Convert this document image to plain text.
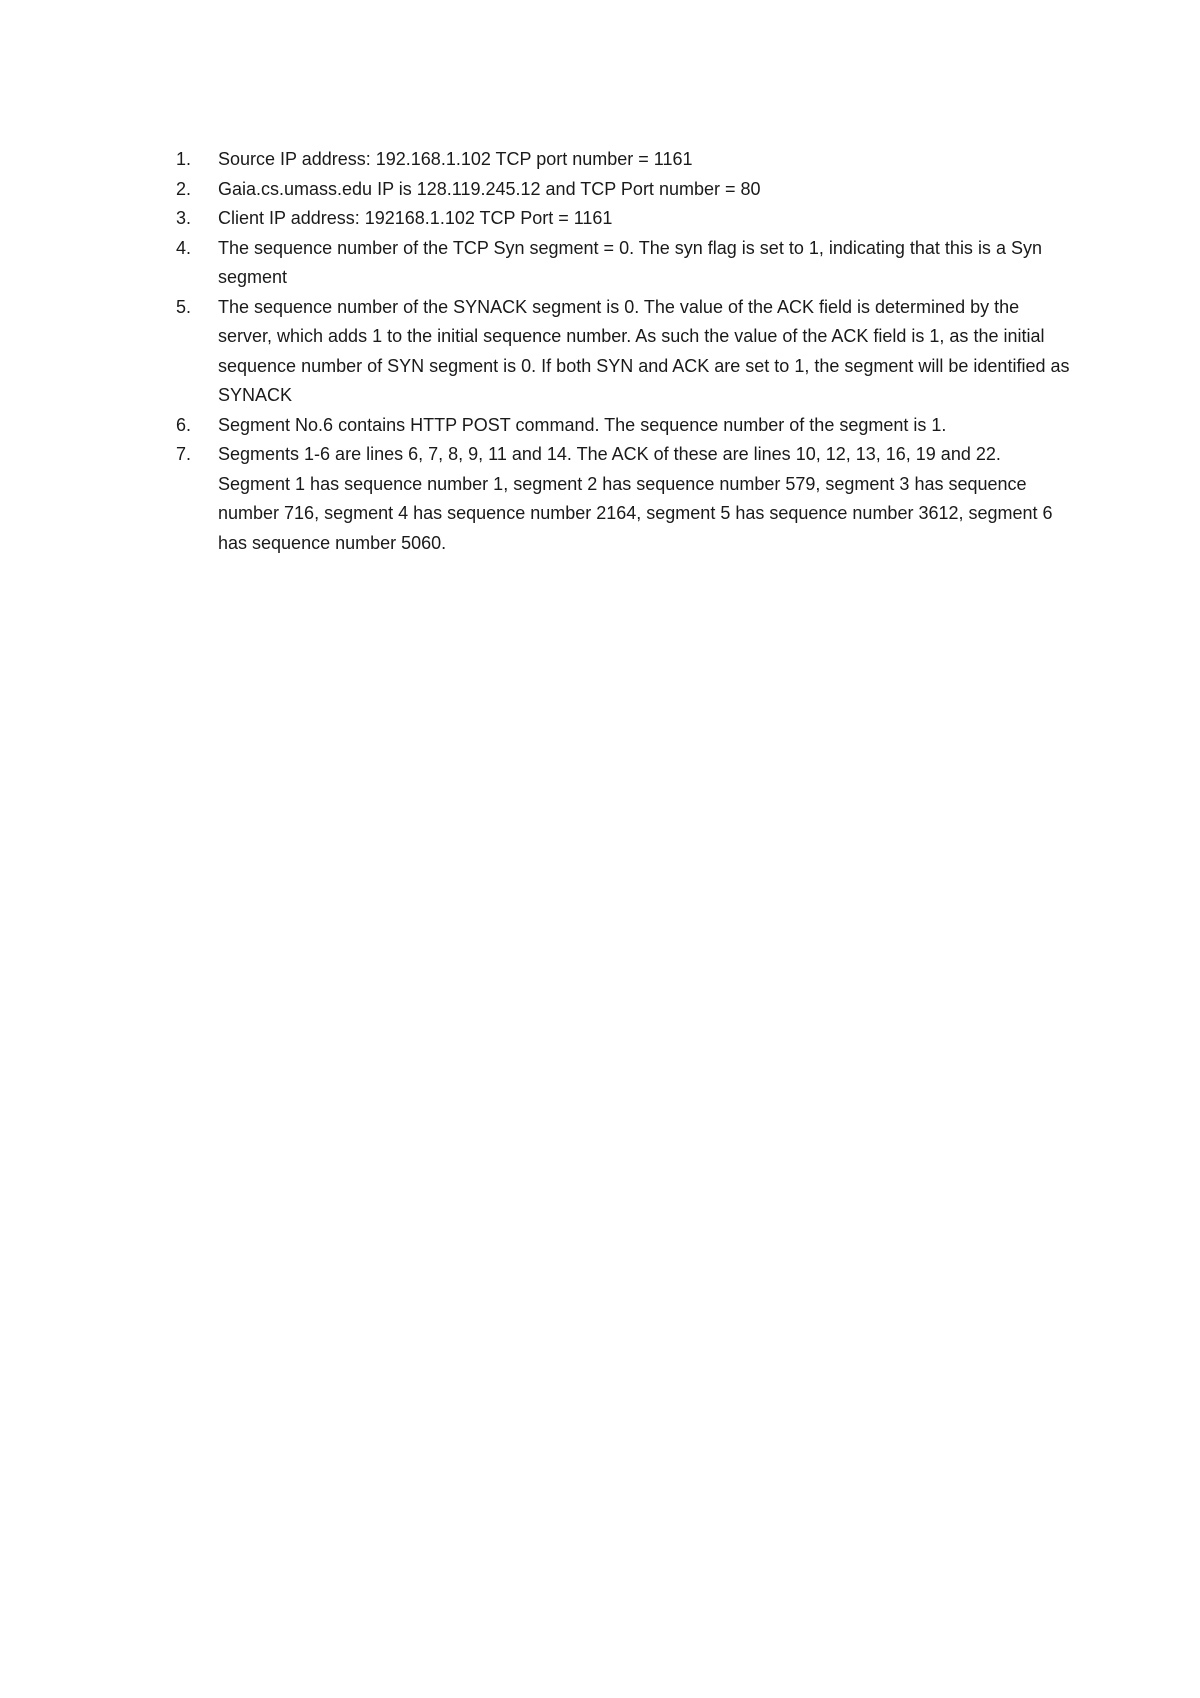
1.	Source IP address: 192.168.1.102 TCP port number = 1161
2.	Gaia.cs.umass.edu IP is 128.119.245.12 and TCP Port number = 80
3.	Client IP address: 192168.1.102 TCP Port = 1161
4.	The sequence number of the TCP Syn segment = 0. The syn flag is set to 1, indicating that this is a Syn segment
5.	The sequence number of the SYNACK segment is 0. The value of the ACK field is determined by the server, which adds 1 to the initial sequence number. As such the value of the ACK field is 1, as the initial sequence number of SYN segment is 0. If both SYN and ACK are set to 1, the segment will be identified as SYNACK
6.	Segment No.6 contains HTTP POST command. The sequence number of the segment is 1.
7.	Segments 1-6 are lines 6, 7, 8, 9, 11 and 14. The ACK of these are lines 10, 12, 13, 16, 19 and 22. Segment 1 has sequence number 1, segment 2 has sequence number 579, segment 3 has sequence number 716, segment 4 has sequence number 2164, segment 5 has sequence number 3612, segment 6 has sequence number 5060.
